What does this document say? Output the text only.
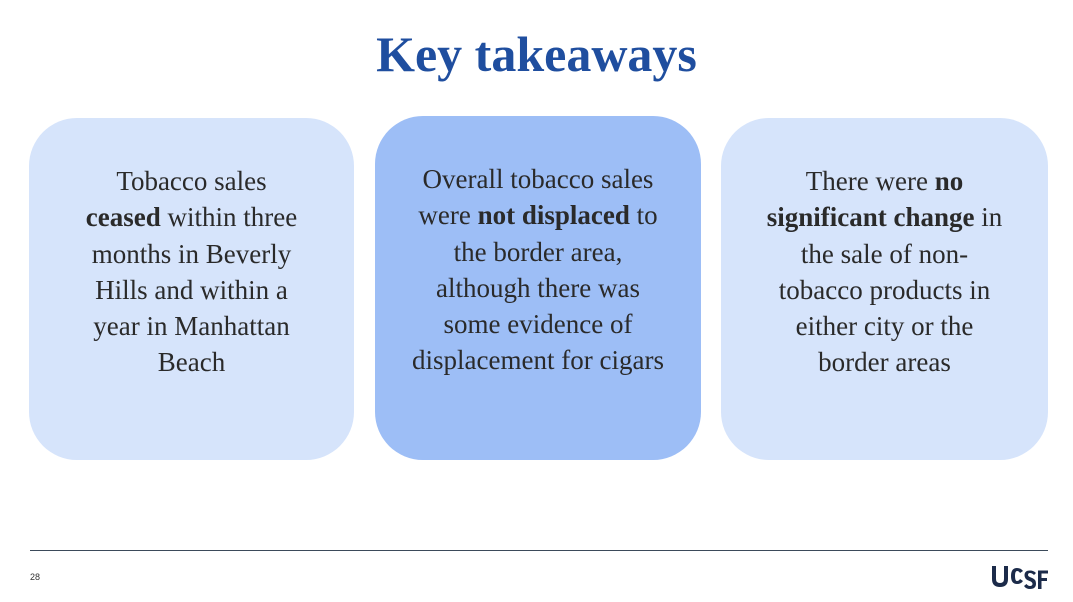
Key takeaways
Tobacco sales ceased within three months in Beverly Hills and within a year in Manhattan Beach
Overall tobacco sales were not displaced to the border area, although there was some evidence of displacement for cigars
There were no significant change in the sale of non-tobacco products in either city or the border areas
28
